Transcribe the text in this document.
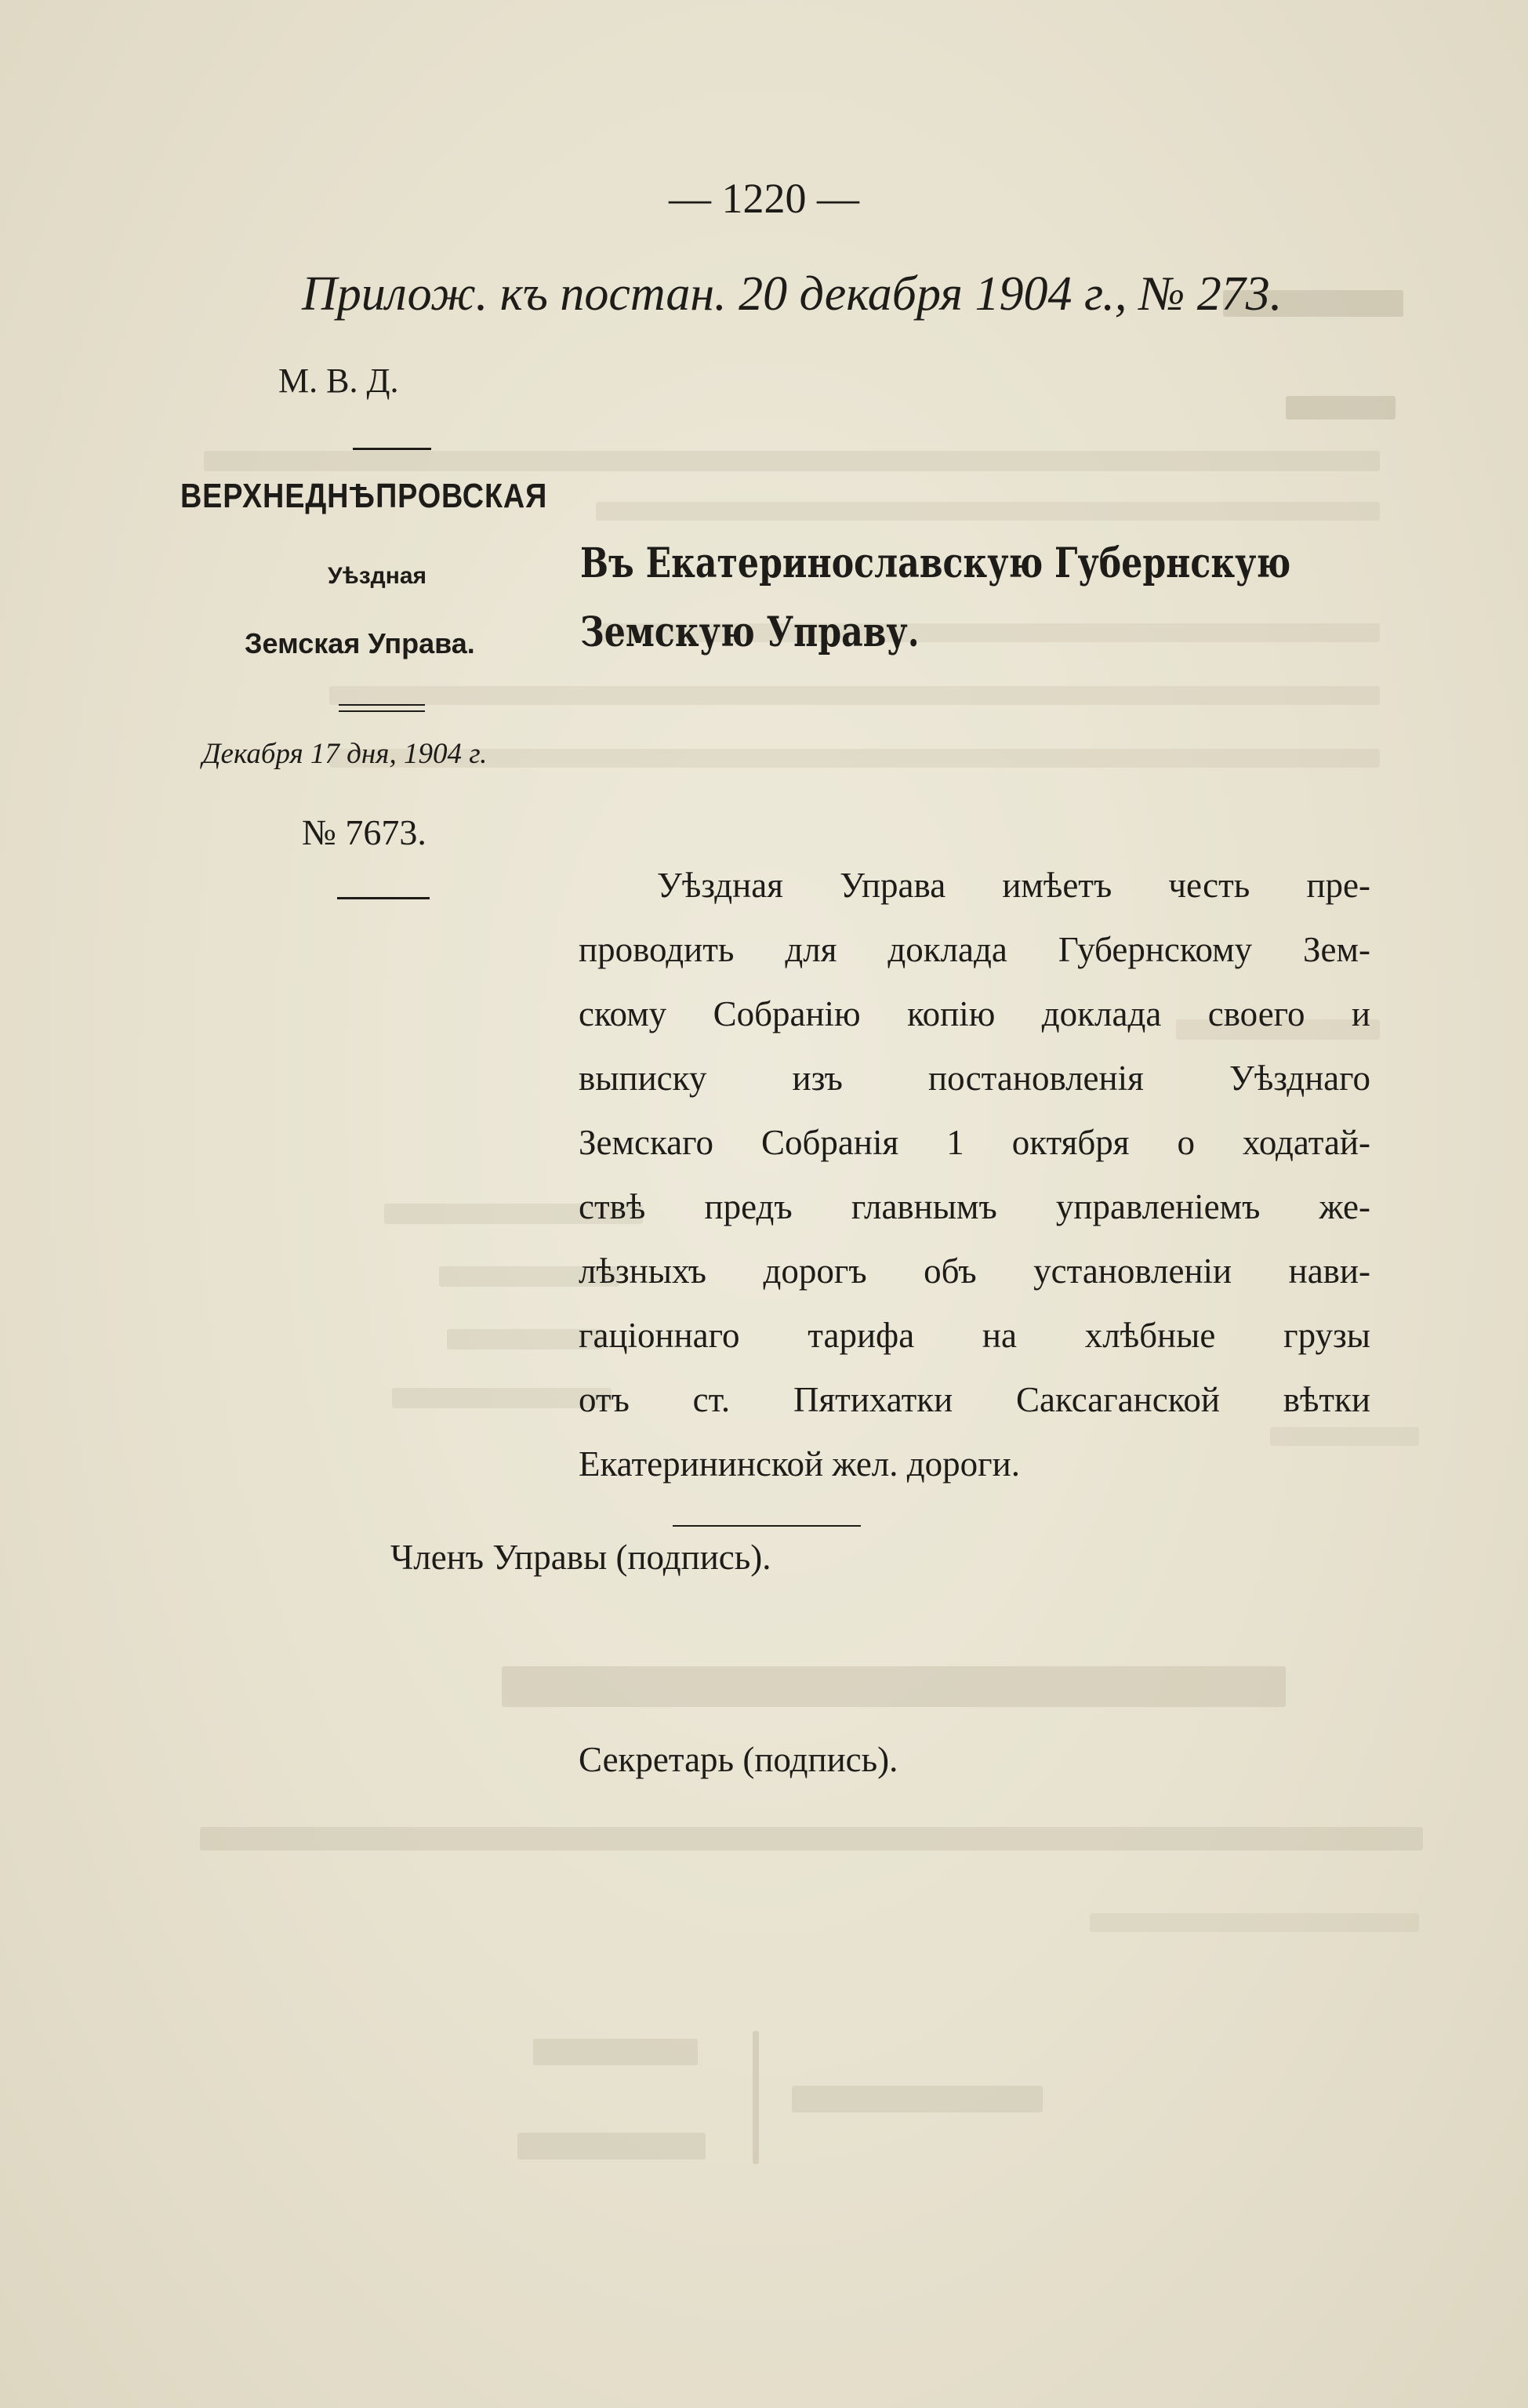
— 1220 —
Прилож. къ постан. 20 декабря 1904 г., № 273.
М. В. Д.
ВЕРХНЕДНѢПРОВСКАЯ
Уѣздная
Земская Управа.
Декабря 17 дня, 1904 г.
№ 7673.
Въ Екатеринославскую Губернскую
Земскую Управу.
Уѣздная Управа имѣетъ честь пре-
проводить для доклада Губернскому Зем-
скому Собранію копію доклада своего и
выписку изъ постановленія Уѣзднаго
Земскаго Собранія 1 октября о ходатай-
ствѣ предъ главнымъ управленіемъ же-
лѣзныхъ дорогъ объ установленіи нави-
гаціоннаго тарифа на хлѣбные грузы
отъ ст. Пятихатки Саксаганской вѣтки
Екатерининской жел. дороги.
Членъ Управы (подпись).
Секретарь (подпись).
